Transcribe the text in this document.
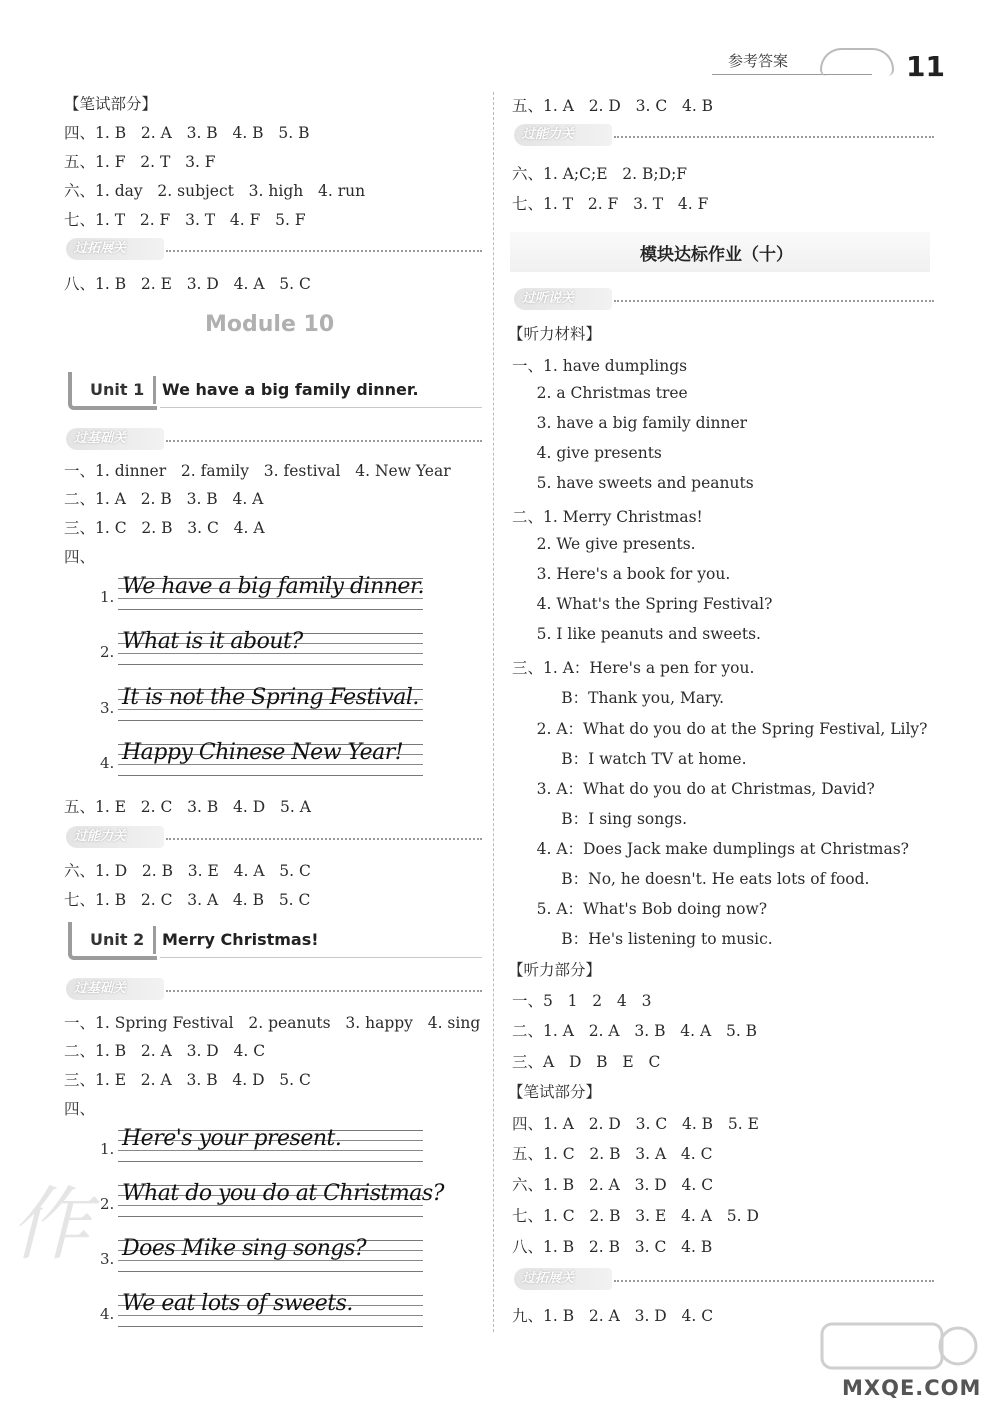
参考答案	11
【笔试部分】
四、1. B   2. A   3. B   4. B   5. B
五、1. F   2. T   3. F
六、1. day   2. subject   3. high   4. run
七、1. T   2. F   3. T   4. F   5. F
过拓展关
八、1. B   2. E   3. D   4. A   5. C
Module 10
Unit 1 We have a big family dinner.
过基础关
一、1. dinner   2. family   3. festival   4. New Year
二、1. A   2. B   3. B   4. A
三、1. C   2. B   3. C   4. A
四、
1. We have a big family dinner.
2. What is it about?
3. It is not the Spring Festival.
4. Happy Chinese New Year!
五、1. E   2. C   3. B   4. D   5. A
过能力关
六、1. D   2. B   3. E   4. A   5. C
七、1. B   2. C   3. A   4. B   5. C
Unit 2 Merry Christmas!
过基础关
一、1. Spring Festival   2. peanuts   3. happy   4. sing
二、1. B   2. A   3. D   4. C
三、1. E   2. A   3. B   4. D   5. C
四、
1. Here's your present.
2. What do you do at Christmas?
3. Does Mike sing songs?
4. We eat lots of sweets.
作
五、1. A   2. D   3. C   4. B
过能力关
六、1. A;C;E   2. B;D;F
七、1. T   2. F   3. T   4. F
模块达标作业（十）
过听说关
【听力材料】
一、1. have dumplings
2. a Christmas tree
3. have a big family dinner
4. give presents
5. have sweets and peanuts
二、1. Merry Christmas!
2. We give presents.
3. Here's a book for you.
4. What's the Spring Festival?
5. I like peanuts and sweets.
三、1. A：Here's a pen for you.
B：Thank you, Mary.
2. A：What do you do at the Spring Festival, Lily?
B：I watch TV at home.
3. A：What do you do at Christmas, David?
B：I sing songs.
4. A：Does Jack make dumplings at Christmas?
B：No, he doesn't. He eats lots of food.
5. A：What's Bob doing now?
B：He's listening to music.
【听力部分】
一、5   1   2   4   3
二、1. A   2. A   3. B   4. A   5. B
三、A   D   B   E   C
【笔试部分】
四、1. A   2. D   3. C   4. B   5. E
五、1. C   2. B   3. A   4. C
六、1. B   2. A   3. D   4. C
七、1. C   2. B   3. E   4. A   5. D
八、1. B   2. B   3. C   4. B
过拓展关
九、1. B   2. A   3. D   4. C
MXQE.COM
